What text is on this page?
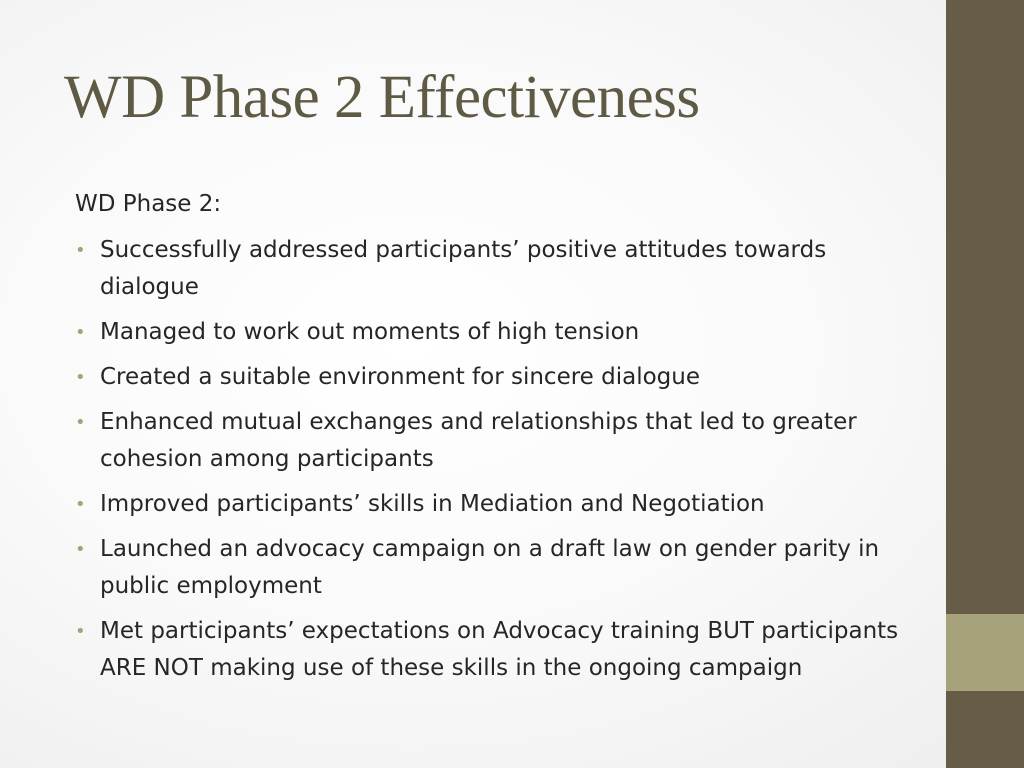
WD Phase 2 Effectiveness

WD Phase 2:

• Successfully addressed participants’ positive attitudes towards dialogue
• Managed to work out moments of high tension
• Created a suitable environment for sincere dialogue
• Enhanced mutual exchanges and relationships that led to greater cohesion among participants
• Improved participants’ skills in Mediation and Negotiation
• Launched an advocacy campaign on a draft law on gender parity in public employment
• Met participants’ expectations on Advocacy training BUT participants ARE NOT making use of these skills in the ongoing campaign
